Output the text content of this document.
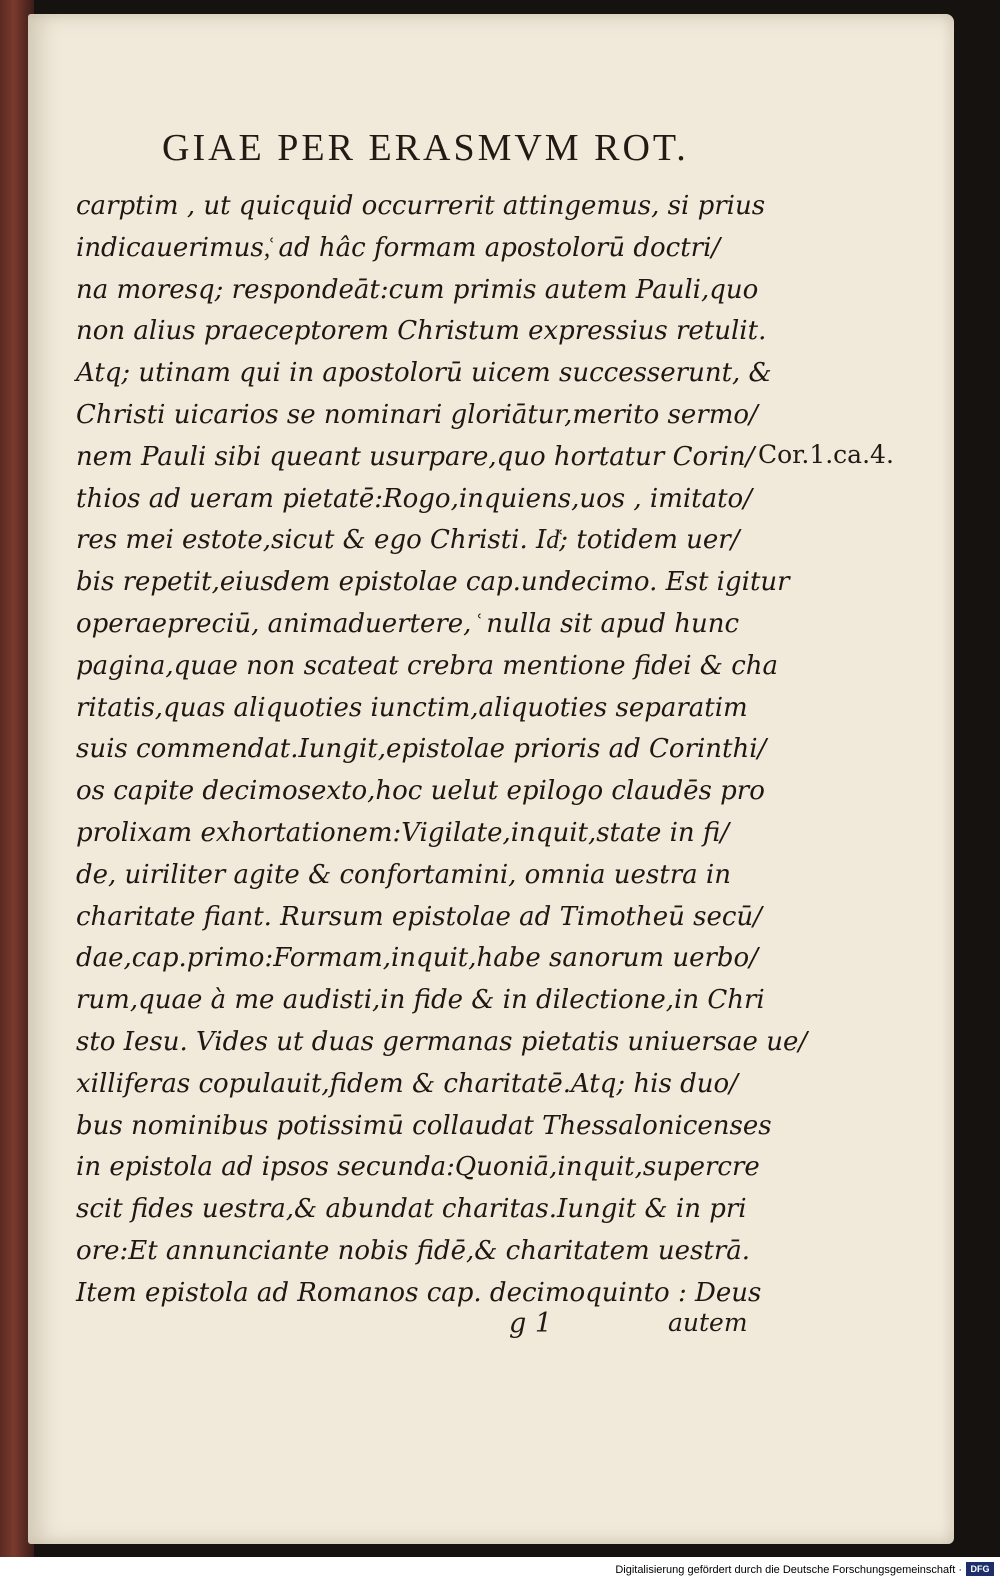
GIAE PER ERASMVM ROT.
carptim , ut quicquid occurrerit attingemus, si prius
indicauerimus,͑ ad hâc formam apostolorū doctri/
na moresq; respondeāt:cum primis autem Pauli,quo
non alius praeceptorem Christum expressius retulit.
Atq; utinam qui in apostolorū uicem successerunt, &
Christi uicarios se nominari gloriātur,merito sermo/
nem Pauli sibi queant usurpare,quo hortatur Corin/
thios ad ueram pietatē:Rogo,inquiens,uos , imitato/
res mei estote,sicut & ego Christi. Id͑; totidem uer/
bis repetit,eiusdem epistolae cap.undecimo. Est igitur
operaepreciū, animaduertere, ͑ nulla sit apud hunc
pagina,quae non scateat crebra mentione fidei & cha
ritatis,quas aliquoties iunctim,aliquoties separatim
suis commendat.Iungit,epistolae prioris ad Corinthi/
os capite decimosexto,hoc uelut epilogo claudēs pro
prolixam exhortationem:Vigilate,inquit,state in fi/
de, uiriliter agite & confortamini, omnia uestra in
charitate fiant. Rursum epistolae ad Timotheū secū/
dae,cap.primo:Formam,inquit,habe sanorum uerbo/
rum,quae à me audisti,in fide & in dilectione,in Chri
sto Iesu. Vides ut duas germanas pietatis uniuersae ue/
xilliferas copulauit,fidem & charitatē.Atq; his duo/
bus nominibus potissimū collaudat Thessalonicenses
in epistola ad ipsos secunda:Quoniā,inquit,supercre
scit fides uestra,& abundat charitas.Iungit & in pri
ore:Et annunciante nobis fidē,& charitatem uestrā.
Item epistola ad Romanos cap. decimoquinto : Deus
Cor.1.ca.4.
g 1	autem
Digitalisierung gefördert durch die Deutsche Forschungsgemeinschaft · DFG
